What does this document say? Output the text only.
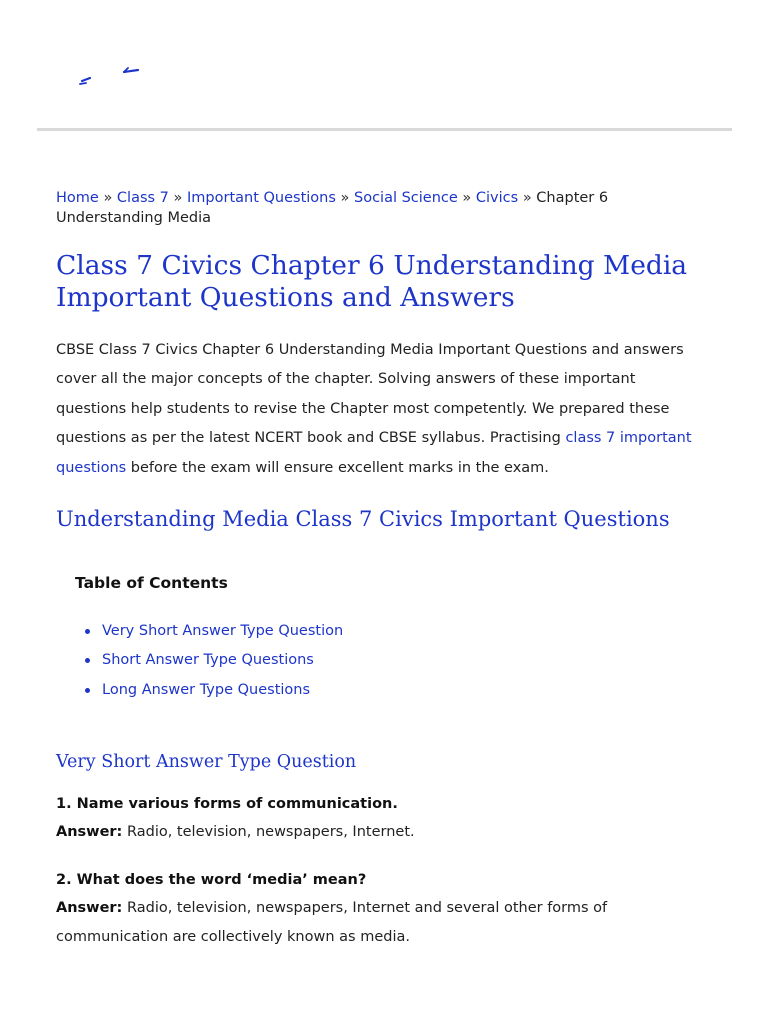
Home » Class 7 » Important Questions » Social Science » Civics » Chapter 6 Understanding Media
Class 7 Civics Chapter 6 Understanding Media Important Questions and Answers

CBSE Class 7 Civics Chapter 6 Understanding Media Important Questions and answers cover all the major concepts of the chapter. Solving answers of these important questions help students to revise the Chapter most competently. We prepared these questions as per the latest NCERT book and CBSE syllabus. Practising class 7 important questions before the exam will ensure excellent marks in the exam.

Understanding Media Class 7 Civics Important Questions
Table of Contents
Very Short Answer Type Question
Short Answer Type Questions
Long Answer Type Questions
Very Short Answer Type Question
1. Name various forms of communication.
Answer: Radio, television, newspapers, Internet.
2. What does the word ‘media’ mean?
Answer: Radio, television, newspapers, Internet and several other forms of communication are collectively known as media.
